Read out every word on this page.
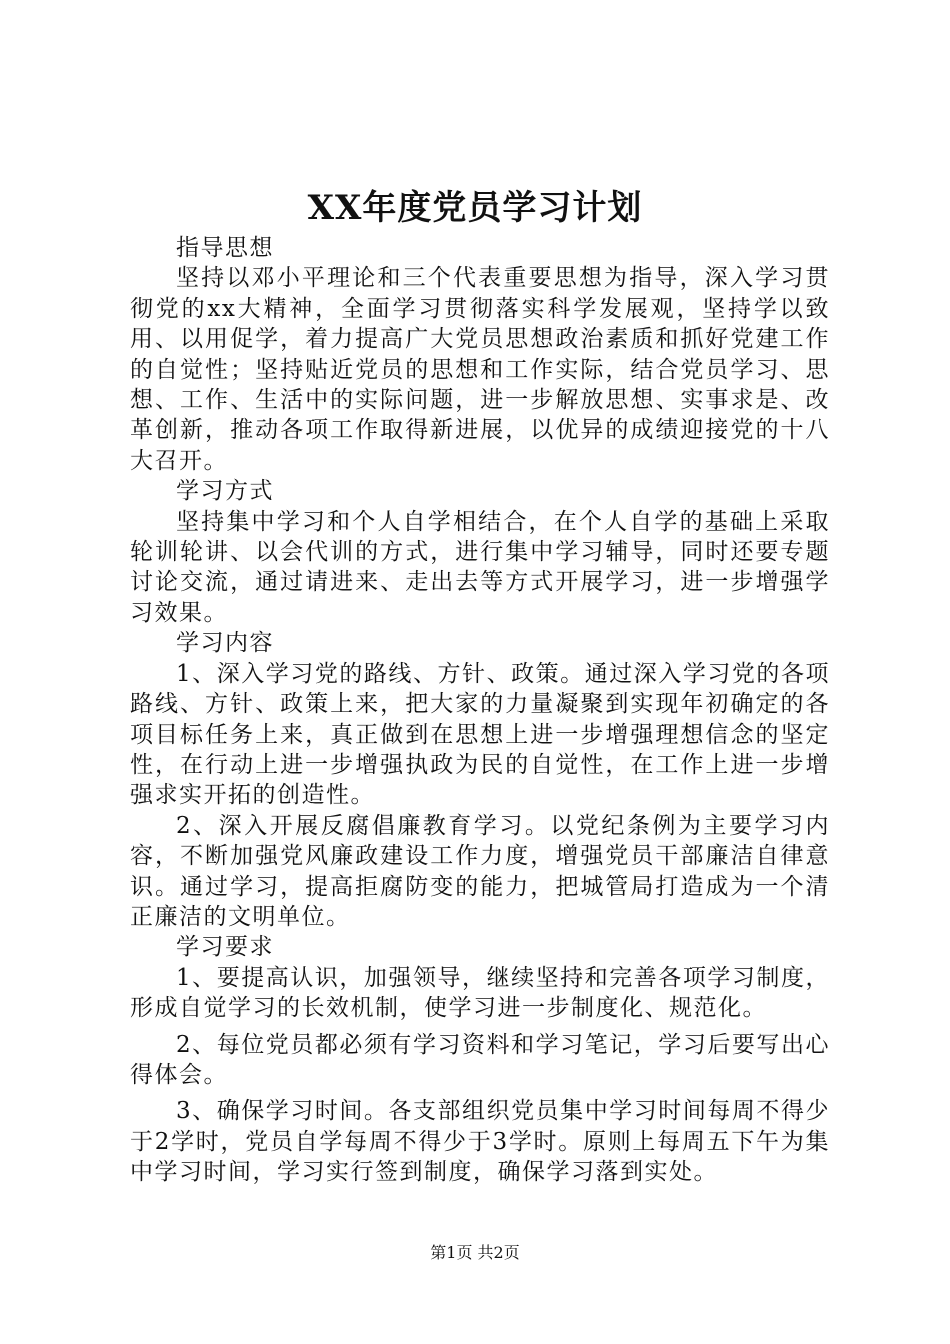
XX年度党员学习计划

指导思想

坚持以邓小平理论和三个代表重要思想为指导，深入学习贯彻党的xx大精神，全面学习贯彻落实科学发展观，坚持学以致用、以用促学，着力提高广大党员思想政治素质和抓好党建工作的自觉性；坚持贴近党员的思想和工作实际，结合党员学习、思想、工作、生活中的实际问题，进一步解放思想、实事求是、改革创新，推动各项工作取得新进展，以优异的成绩迎接党的十八大召开。

学习方式

坚持集中学习和个人自学相结合，在个人自学的基础上采取轮训轮讲、以会代训的方式，进行集中学习辅导，同时还要专题讨论交流，通过请进来、走出去等方式开展学习，进一步增强学习效果。

学习内容

1、深入学习党的路线、方针、政策。通过深入学习党的各项路线、方针、政策上来，把大家的力量凝聚到实现年初确定的各项目标任务上来，真正做到在思想上进一步增强理想信念的坚定性，在行动上进一步增强执政为民的自觉性，在工作上进一步增强求实开拓的创造性。

2、深入开展反腐倡廉教育学习。以党纪条例为主要学习内容，不断加强党风廉政建设工作力度，增强党员干部廉洁自律意识。通过学习，提高拒腐防变的能力，把城管局打造成为一个清正廉洁的文明单位。

学习要求

1、要提高认识，加强领导，继续坚持和完善各项学习制度，形成自觉学习的长效机制，使学习进一步制度化、规范化。

2、每位党员都必须有学习资料和学习笔记，学习后要写出心得体会。

3、确保学习时间。各支部组织党员集中学习时间每周不得少于2学时，党员自学每周不得少于3学时。原则上每周五下午为集中学习时间，学习实行签到制度，确保学习落到实处。

第1页 共2页
